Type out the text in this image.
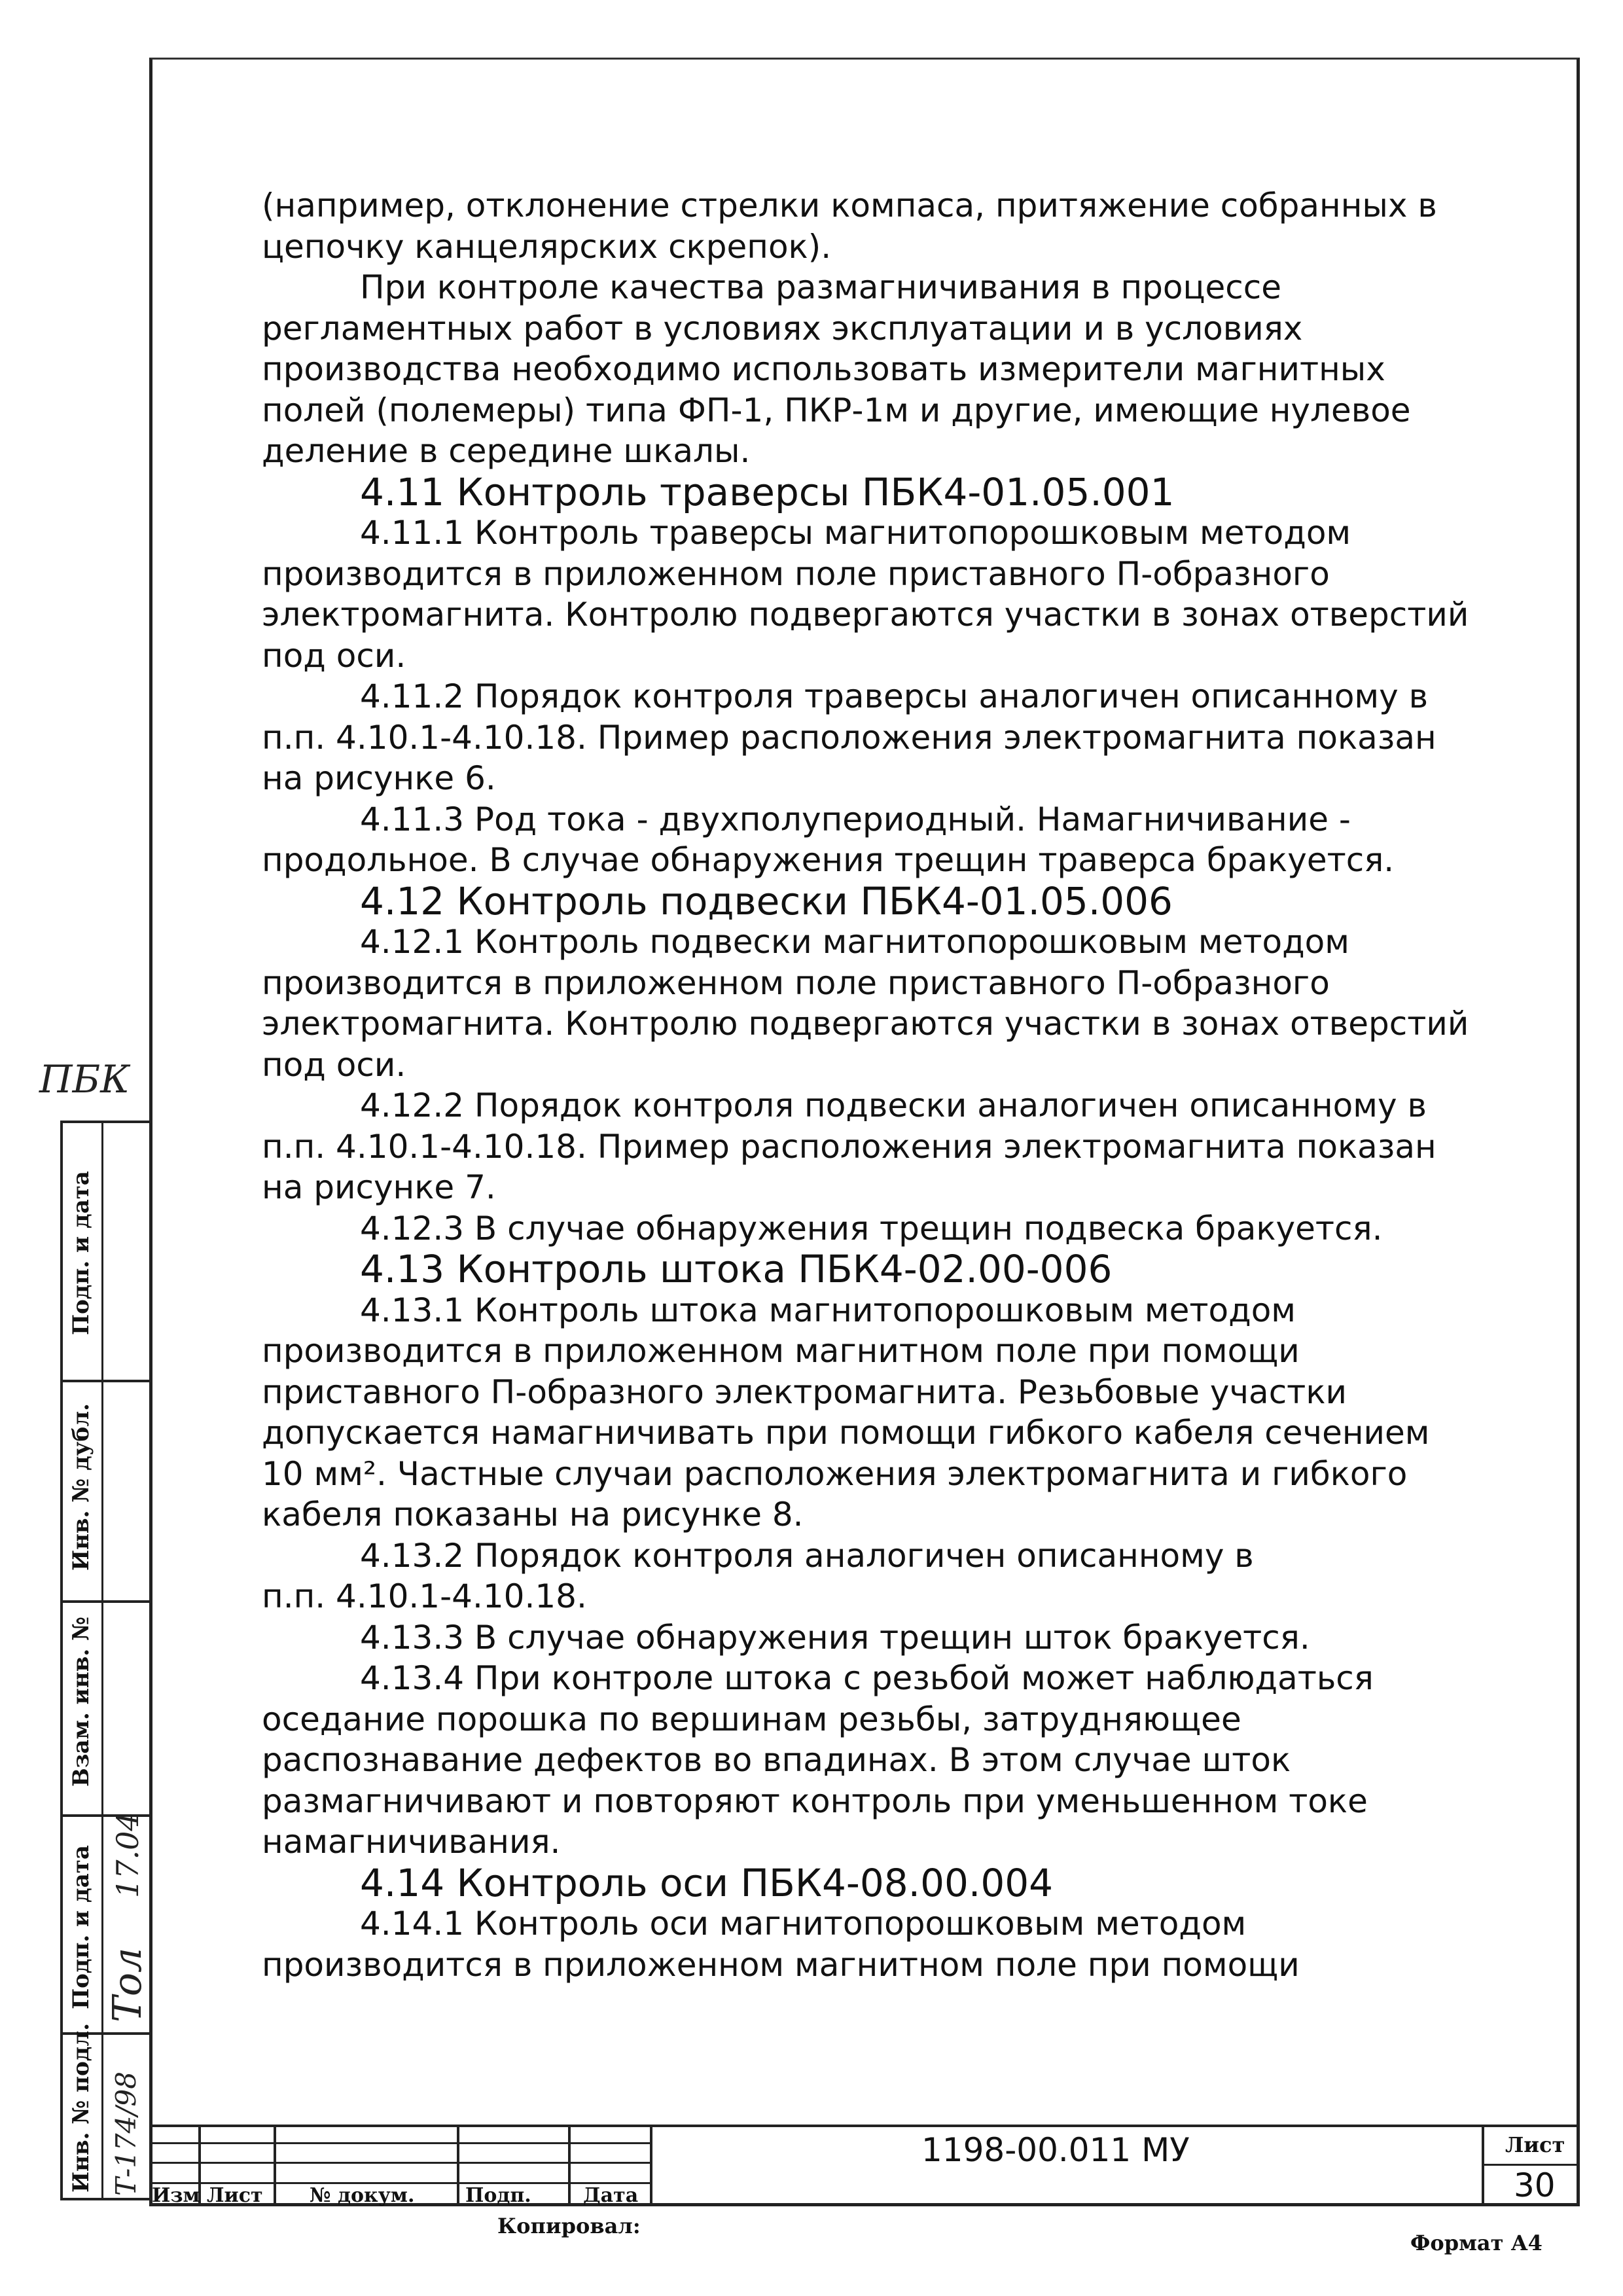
(например, отклонение стрелки компаса, притяжение собранных в
цепочку канцелярских скрепок).
При контроле качества размагничивания в процессе
регламентных работ в условиях эксплуатации и в условиях
производства необходимо использовать измерители магнитных
полей (полемеры) типа ФП-1, ПКР-1м и другие, имеющие нулевое
деление в середине шкалы.
4.11 Контроль траверсы ПБК4-01.05.001
4.11.1 Контроль траверсы магнитопорошковым методом
производится в приложенном поле приставного П-образного
электромагнита. Контролю подвергаются участки в зонах отверстий
под оси.
4.11.2 Порядок контроля траверсы аналогичен описанному в
п.п. 4.10.1-4.10.18. Пример расположения электромагнита показан
на рисунке 6.
4.11.3 Род тока - двухполупериодный. Намагничивание -
продольное. В случае обнаружения трещин траверса бракуется.
4.12 Контроль подвески ПБК4-01.05.006
4.12.1 Контроль подвески магнитопорошковым методом
производится в приложенном поле приставного П-образного
электромагнита. Контролю подвергаются участки в зонах отверстий
под оси.
4.12.2 Порядок контроля подвески аналогичен описанному в
п.п. 4.10.1-4.10.18. Пример расположения электромагнита показан
на рисунке 7.
4.12.3 В случае обнаружения трещин подвеска бракуется.
4.13 Контроль штока ПБК4-02.00-006
4.13.1 Контроль штока магнитопорошковым методом
производится в приложенном магнитном поле при помощи
приставного П-образного электромагнита. Резьбовые участки
допускается намагничивать при помощи гибкого кабеля сечением
10 мм². Частные случаи расположения электромагнита и гибкого
кабеля показаны на рисунке 8.
4.13.2 Порядок контроля аналогичен описанному в
п.п. 4.10.1-4.10.18.
4.13.3 В случае обнаружения трещин шток бракуется.
4.13.4 При контроле штока с резьбой может наблюдаться
оседание порошка по вершинам резьбы, затрудняющее
распознавание дефектов во впадинах. В этом случае шток
размагничивают и повторяют контроль при уменьшенном токе
намагничивания.
4.14 Контроль оси ПБК4-08.00.004
4.14.1 Контроль оси магнитопорошковым методом
производится в приложенном магнитном поле при помощи
ПБК
Подп. и дата
Инв. № дубл.
Взам. инв. №
Подп. и дата
Инв. № подл.
17.04
Тол
Т-174/98 Изм Лист № докум.	Подп.	Дата
1198-00.011 МУ	Лист
30
Копировал:
Формат А4
